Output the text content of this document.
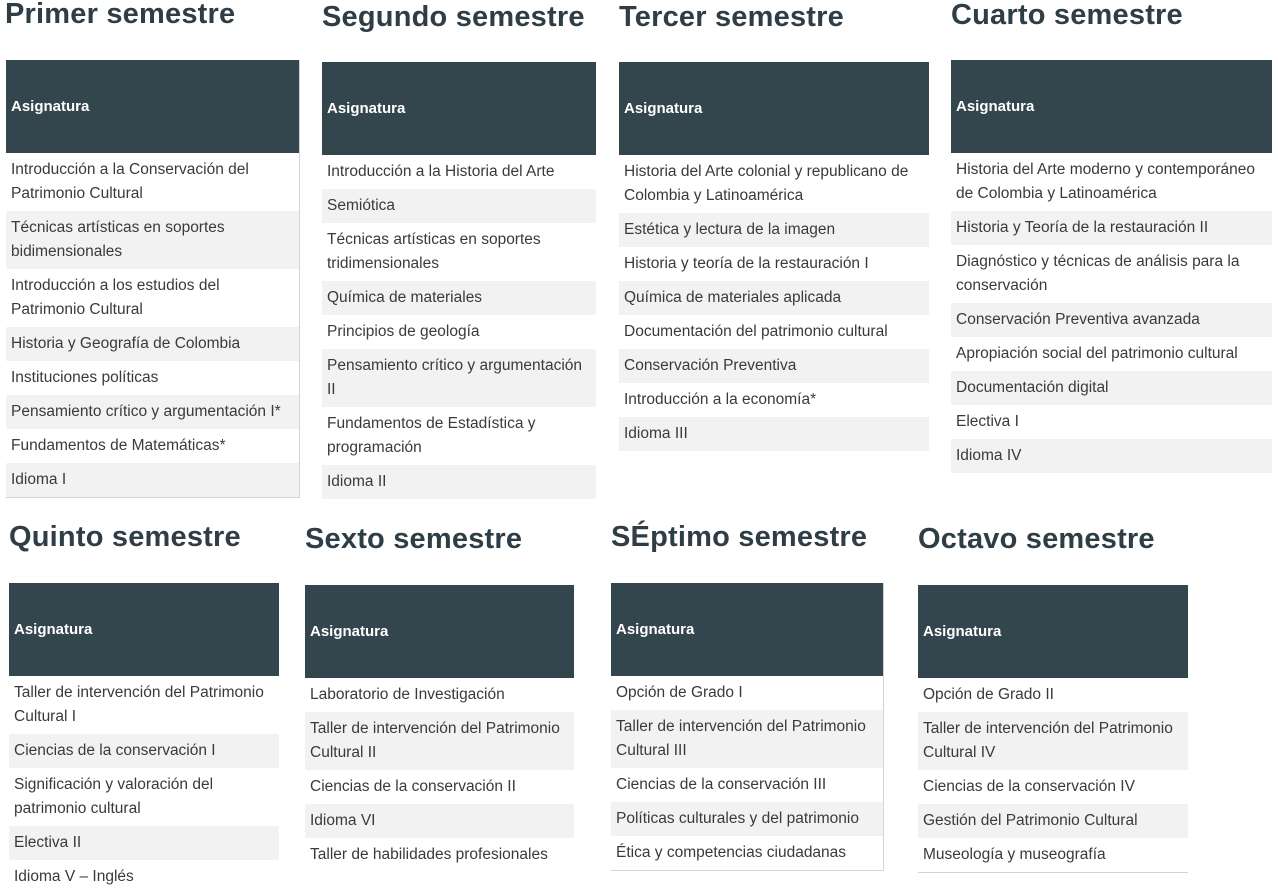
Primer semestre
Asignatura
Introducción a la Conservación del Patrimonio Cultural
Técnicas artísticas en soportes bidimensionales
Introducción a los estudios del Patrimonio Cultural
Historia y Geografía de Colombia
Instituciones políticas
Pensamiento crítico y argumentación I*
Fundamentos de Matemáticas*
Idioma I
Segundo semestre
Asignatura
Introducción a la Historia del Arte
Semiótica
Técnicas artísticas en soportes tridimensionales
Química de materiales
Principios de geología
Pensamiento crítico y argumentación II
Fundamentos de Estadística y programación
Idioma II
Tercer semestre
Asignatura
Historia del Arte colonial y republicano de Colombia y Latinoamérica
Estética y lectura de la imagen
Historia y teoría de la restauración I
Química de materiales aplicada
Documentación del patrimonio cultural
Conservación Preventiva
Introducción a la economía*
Idioma III
Cuarto semestre
Asignatura
Historia del Arte moderno y contemporáneo de Colombia y Latinoamérica
Historia y Teoría de la restauración II
Diagnóstico y técnicas de análisis para la conservación
Conservación Preventiva avanzada
Apropiación social del patrimonio cultural
Documentación digital
Electiva I
Idioma IV
Quinto semestre
Asignatura
Taller de intervención del Patrimonio Cultural I
Ciencias de la conservación I
Significación y valoración del patrimonio cultural
Electiva II
Idioma V – Inglés
Sexto semestre
Asignatura
Laboratorio de Investigación
Taller de intervención del Patrimonio Cultural II
Ciencias de la conservación II
Idioma VI
Taller de habilidades profesionales
SÉptimo semestre
Asignatura
Opción de Grado I
Taller de intervención del Patrimonio Cultural III
Ciencias de la conservación III
Políticas culturales y del patrimonio
Ética y competencias ciudadanas
Octavo semestre
Asignatura
Opción de Grado II
Taller de intervención del Patrimonio Cultural IV
Ciencias de la conservación IV
Gestión del Patrimonio Cultural
Museología y museografía
